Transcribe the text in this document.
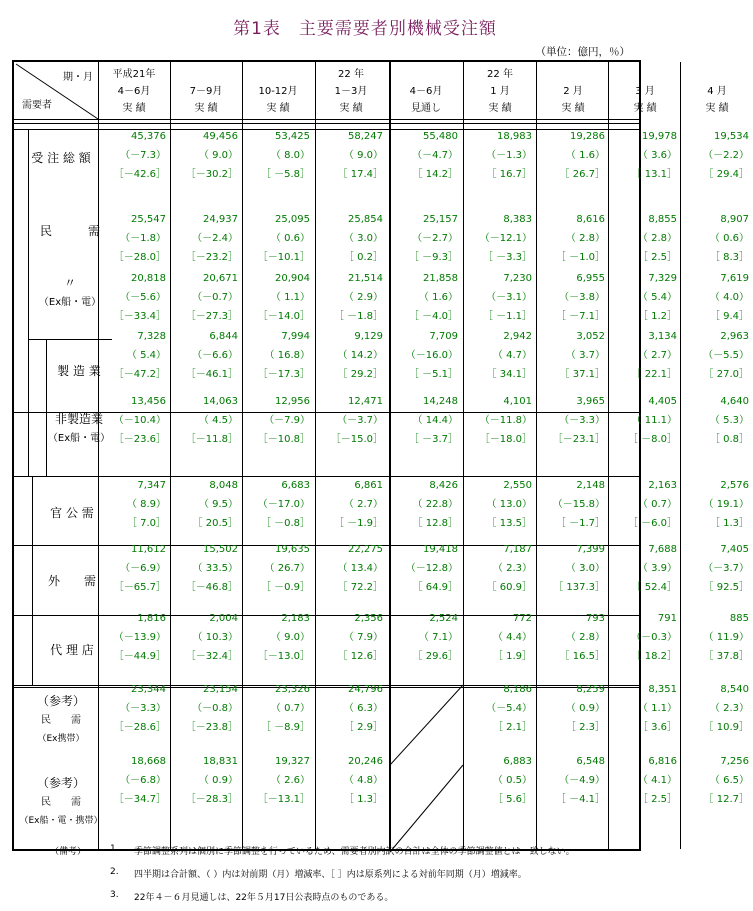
第1表　主要需要者別機械受注額
（単位：億円，％）
期・月
需要者
平成21年
4－6月
実 績
7－9月
実 績
10-12月
実 績
22 年
1－3月
実 績
4－6月
見通し
22 年
1 月
実 績
2 月
実 績
3 月
実 績
4 月
実 績
受 注 総 額
45,376
（－7.3）
［－42.6］
49,456
（ 9.0）
［－30.2］
53,425
（ 8.0）
［ －5.8］
58,247
（ 9.0）
［ 17.4］
55,480
（－4.7）
［ 14.2］
18,983
（－1.3）
［ 16.7］
19,286
（ 1.6）
［ 26.7］
19,978
（ 3.6）
［ 13.1］
19,534
（－2.2）
［ 29.4］
民　　　需
25,547
（－1.8）
［－28.0］
24,937
（－2.4）
［－23.2］
25,095
（ 0.6）
［－10.1］
25,854
（ 3.0）
［ 0.2］
25,157
（－2.7）
［ －9.3］
8,383
（－12.1）
［ －3.3］
8,616
（ 2.8）
［ －1.0］
8,855
（ 2.8）
［ 2.5］
8,907
（ 0.6）
［ 8.3］
〃
（Ex船・電）
20,818
（－5.6）
［－33.4］
20,671
（－0.7）
［－27.3］
20,904
（ 1.1）
［－14.0］
21,514
（ 2.9）
［ －1.8］
21,858
（ 1.6）
［ －4.0］
7,230
（－3.1）
［ －1.1］
6,955
（－3.8）
［ －7.1］
7,329
（ 5.4）
［ 1.2］
7,619
（ 4.0）
［ 9.4］
製 造 業
7,328
（ 5.4）
［－47.2］
6,844
（－6.6）
［－46.1］
7,994
（ 16.8）
［－17.3］
9,129
（ 14.2）
［ 29.2］
7,709
（－16.0）
［ －5.1］
2,942
（ 4.7）
［ 34.1］
3,052
（ 3.7）
［ 37.1］
3,134
（ 2.7）
［ 22.1］
2,963
（－5.5）
［ 27.0］
非製造業
（Ex船・電）
13,456
（－10.4）
［－23.6］
14,063
（ 4.5）
［－11.8］
12,956
（－7.9）
［－10.8］
12,471
（－3.7）
［－15.0］
14,248
（ 14.4）
［ －3.7］
4,101
（－11.8）
［－18.0］
3,965
（－3.3）
［－23.1］
4,405
（ 11.1）
［ －8.0］
4,640
（ 5.3）
［ 0.8］
官 公 需
7,347
（ 8.9）
［ 7.0］
8,048
（ 9.5）
［ 20.5］
6,683
（－17.0）
［ －0.8］
6,861
（ 2.7）
［ －1.9］
8,426
（ 22.8）
［ 12.8］
2,550
（ 13.0）
［ 13.5］
2,148
（－15.8）
［ －1.7］
2,163
（ 0.7）
［ －6.0］
2,576
（ 19.1）
［ 1.3］
外　　需
11,612
（－6.9）
［－65.7］
15,502
（ 33.5）
［－46.8］
19,635
（ 26.7）
［ －0.9］
22,275
（ 13.4）
［ 72.2］
19,418
（－12.8）
［ 64.9］
7,187
（ 2.3）
［ 60.9］
7,399
（ 3.0）
［ 137.3］
7,688
（ 3.9）
［ 52.4］
7,405
（－3.7）
［ 92.5］
代 理 店
1,816
（－13.9）
［－44.9］
2,004
（ 10.3）
［－32.4］
2,183
（ 9.0）
［－13.0］
2,356
（ 7.9）
［ 12.6］
2,524
（ 7.1）
［ 29.6］
772
（ 4.4）
［ 1.9］
793
（ 2.8）
［ 16.5］
791
（－0.3）
［ 18.2］
885
（ 11.9）
［ 37.8］
（参考）
民　　需
（Ex携帯）
23,344
（－3.3）
［－28.6］
23,154
（－0.8）
［－23.8］
23,326
（ 0.7）
［ －8.9］
24,796
（ 6.3）
［ 2.9］
8,186
（－5.4）
［ 2.1］
8,259
（ 0.9）
［ 2.3］
8,351
（ 1.1）
［ 3.6］
8,540
（ 2.3）
［ 10.9］
（参考）
民　　需
（Ex船・電・携帯）
18,668
（－6.8）
［－34.7］
18,831
（ 0.9）
［－28.3］
19,327
（ 2.6）
［－13.1］
20,246
（ 4.8）
［ 1.3］
6,883
（ 0.5）
［ 5.6］
6,548
（－4.9）
［ －4.1］
6,816
（ 4.1）
［ 2.5］
7,256
（ 6.5）
［ 12.7］
（備考）	1. 季節調整系列は個別に季節調整を行っているため、需要者別内訳の合計は全体の季節調整値とは一致しない。
2. 四半期は合計額、（ ）内は対前期（月）増減率、［ ］内は原系列による対前年同期（月）増減率。
3. 22年４－６月見通しは、22年５月17日公表時点のものである。
